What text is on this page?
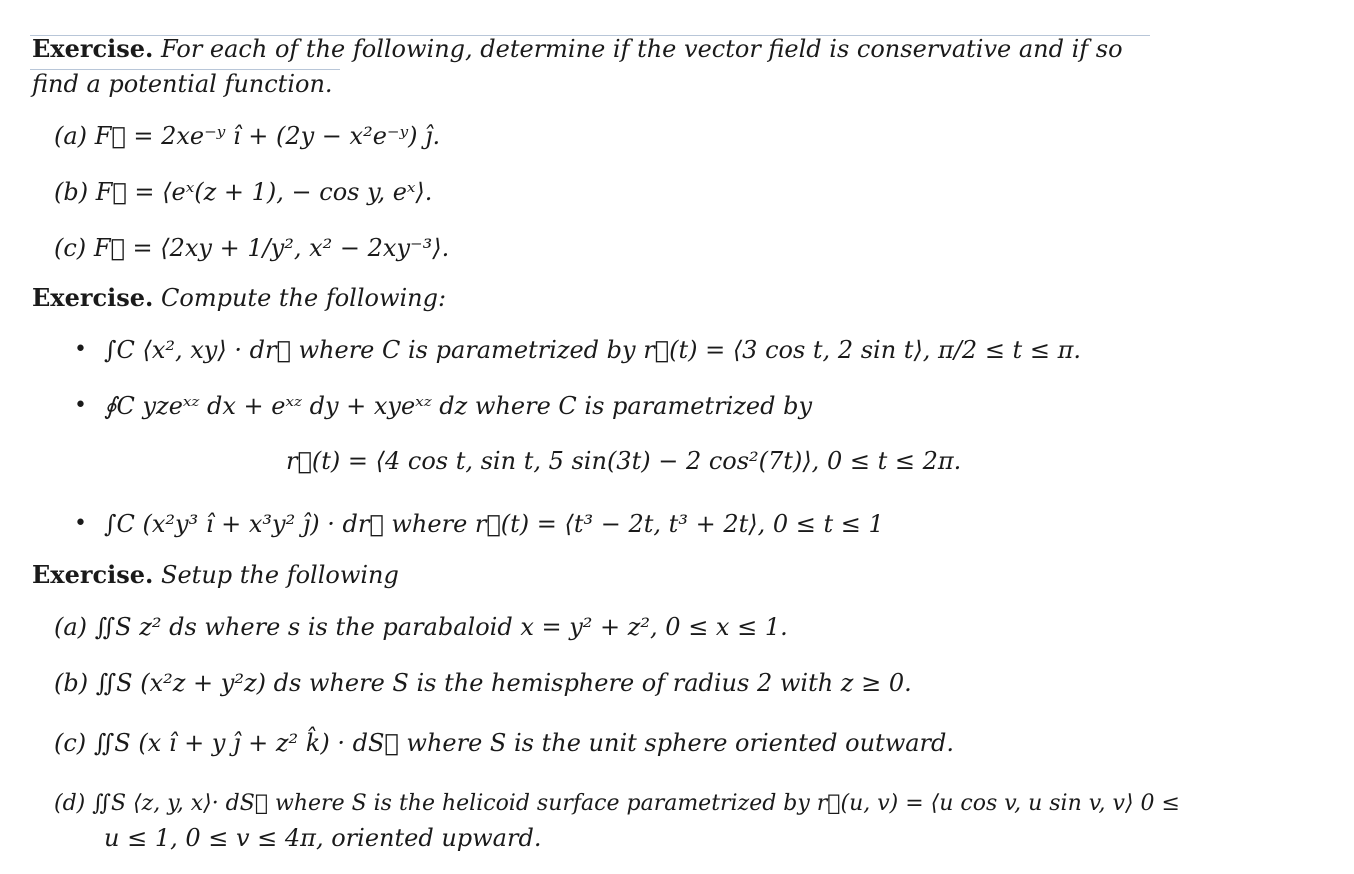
Exercise. For each of the following, determine if the vector field is conservative and if so
find a potential function.
(a) F⃗ = 2xe⁻ʸ î + (2y − x²e⁻ʸ) ĵ.
(b) F⃗ = ⟨eˣ(z + 1), − cos y, eˣ⟩.
(c) F⃗ = ⟨2xy + 1/y², x² − 2xy⁻³⟩.
Exercise. Compute the following:
• ∫C ⟨x², xy⟩ · dr⃗ where C is parametrized by r⃗(t) = ⟨3 cos t, 2 sin t⟩, π/2 ≤ t ≤ π.
• ∮C yzeˣᶻ dx + eˣᶻ dy + xyeˣᶻ dz where C is parametrized by
r⃗(t) = ⟨4 cos t, sin t, 5 sin(3t) − 2 cos²(7t)⟩, 0 ≤ t ≤ 2π.
• ∫C (x²y³ î + x³y² ĵ) · dr⃗ where r⃗(t) = ⟨t³ − 2t, t³ + 2t⟩, 0 ≤ t ≤ 1
Exercise. Setup the following
(a) ∬S z² ds where s is the parabaloid x = y² + z², 0 ≤ x ≤ 1.
(b) ∬S (x²z + y²z) ds where S is the hemisphere of radius 2 with z ≥ 0.
(c) ∬S (x î + y ĵ + z² k̂) · dS⃗ where S is the unit sphere oriented outward.
(d) ∬S ⟨z, y, x⟩· dS⃗ where S is the helicoid surface parametrized by r⃗(u, v) = ⟨u cos v, u sin v, v⟩ 0 ≤
u ≤ 1, 0 ≤ v ≤ 4π, oriented upward.
